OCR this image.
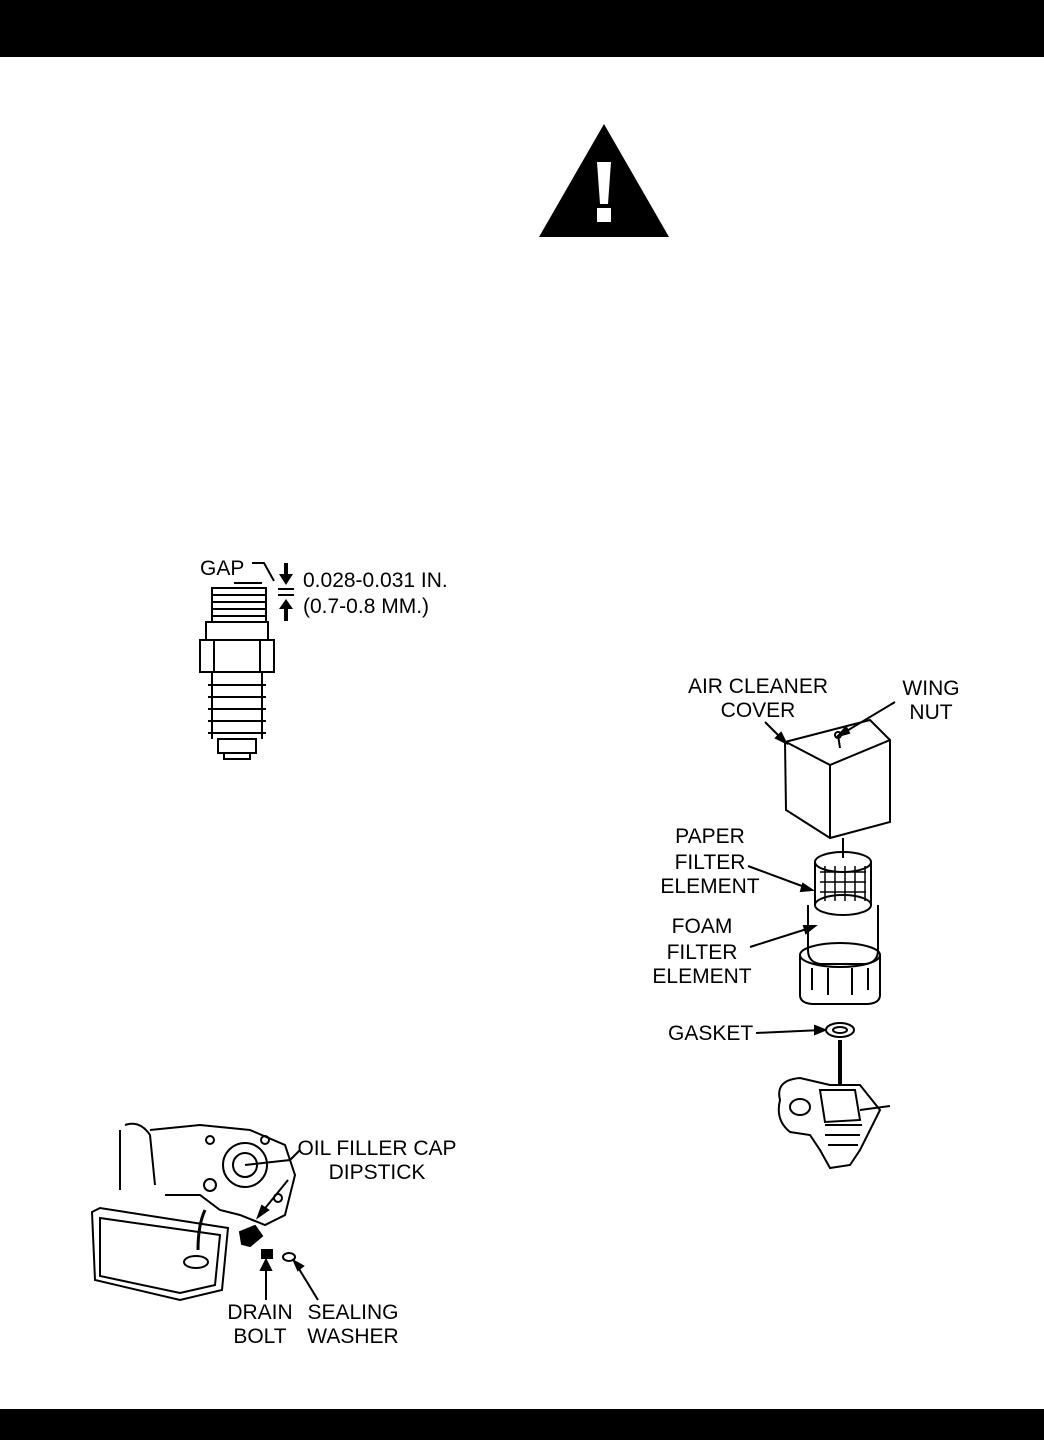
GAP
0.028-0.031 IN.
(0.7-0.8 MM.)
AIR CLEANER
COVER
WING
NUT
PAPER
FILTER
ELEMENT
FOAM
FILTER
ELEMENT
GASKET
OIL FILLER CAP
DIPSTICK
DRAIN
BOLT
SEALING
WASHER
